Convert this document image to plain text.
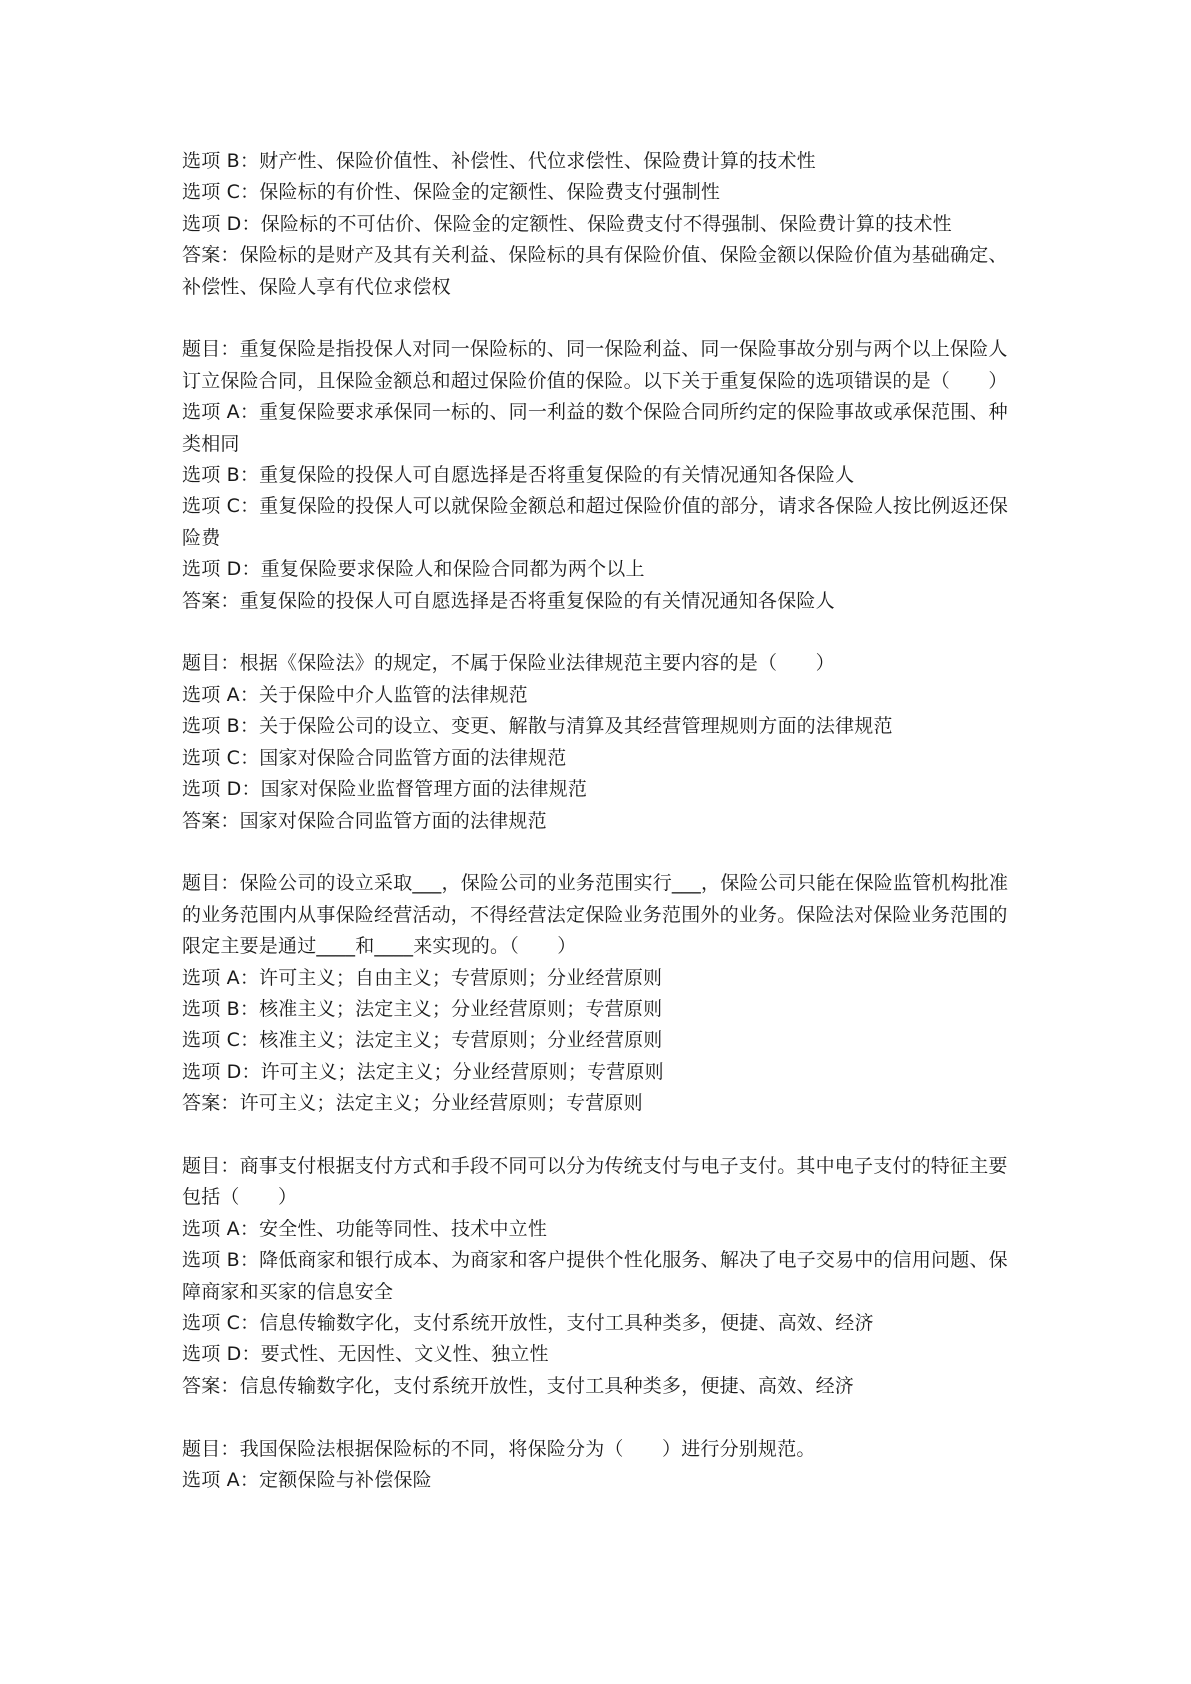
选项 B：财产性、保险价值性、补偿性、代位求偿性、保险费计算的技术性
选项 C：保险标的有价性、保险金的定额性、保险费支付强制性
选项 D：保险标的不可估价、保险金的定额性、保险费支付不得强制、保险费计算的技术性
答案：保险标的是财产及其有关利益、保险标的具有保险价值、保险金额以保险价值为基础确定、补偿性、保险人享有代位求偿权
题目：重复保险是指投保人对同一保险标的、同一保险利益、同一保险事故分别与两个以上保险人订立保险合同，且保险金额总和超过保险价值的保险。以下关于重复保险的选项错误的是（　　）
选项 A：重复保险要求承保同一标的、同一利益的数个保险合同所约定的保险事故或承保范围、种类相同
选项 B：重复保险的投保人可自愿选择是否将重复保险的有关情况通知各保险人
选项 C：重复保险的投保人可以就保险金额总和超过保险价值的部分，请求各保险人按比例返还保险费
选项 D：重复保险要求保险人和保险合同都为两个以上
答案：重复保险的投保人可自愿选择是否将重复保险的有关情况通知各保险人
题目：根据《保险法》的规定，不属于保险业法律规范主要内容的是（　　）
选项 A：关于保险中介人监管的法律规范
选项 B：关于保险公司的设立、变更、解散与清算及其经营管理规则方面的法律规范
选项 C：国家对保险合同监管方面的法律规范
选项 D：国家对保险业监督管理方面的法律规范
答案：国家对保险合同监管方面的法律规范
题目：保险公司的设立采取___，保险公司的业务范围实行___，保险公司只能在保险监管机构批准的业务范围内从事保险经营活动，不得经营法定保险业务范围外的业务。保险法对保险业务范围的限定主要是通过____和____来实现的。（　　）
选项 A：许可主义；自由主义；专营原则；分业经营原则
选项 B：核准主义；法定主义；分业经营原则；专营原则
选项 C：核准主义；法定主义；专营原则；分业经营原则
选项 D：许可主义；法定主义；分业经营原则；专营原则
答案：许可主义；法定主义；分业经营原则；专营原则
题目：商事支付根据支付方式和手段不同可以分为传统支付与电子支付。其中电子支付的特征主要包括（　　）
选项 A：安全性、功能等同性、技术中立性
选项 B：降低商家和银行成本、为商家和客户提供个性化服务、解决了电子交易中的信用问题、保障商家和买家的信息安全
选项 C：信息传输数字化，支付系统开放性，支付工具种类多，便捷、高效、经济
选项 D：要式性、无因性、文义性、独立性
答案：信息传输数字化，支付系统开放性，支付工具种类多，便捷、高效、经济
题目：我国保险法根据保险标的不同，将保险分为（　　）进行分别规范。
选项 A：定额保险与补偿保险
